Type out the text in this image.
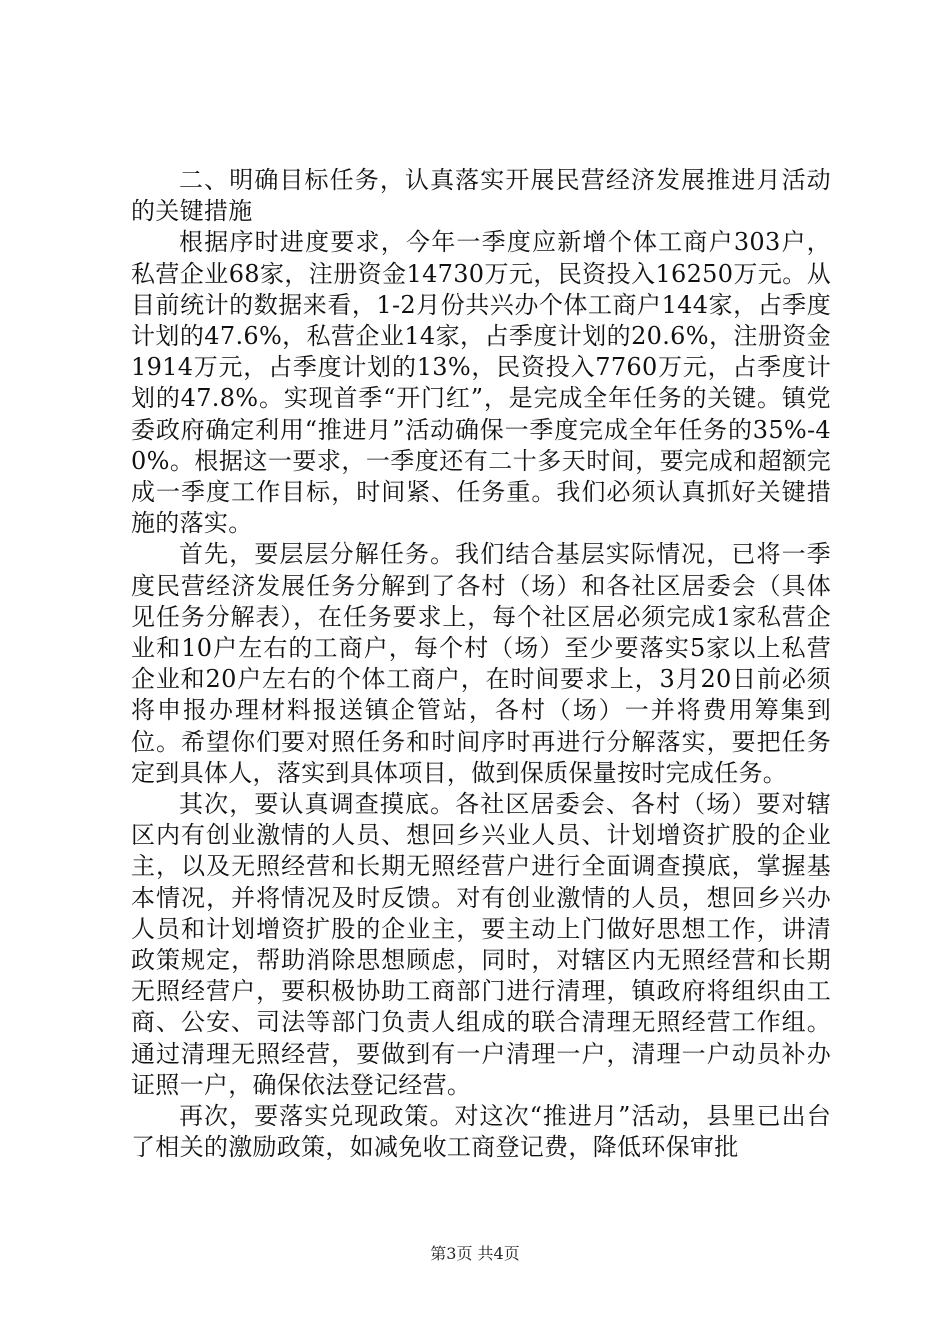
二、明确目标任务，认真落实开展民营经济发展推进月活动的关键措施

根据序时进度要求，今年一季度应新增个体工商户303户，私营企业68家，注册资金14730万元，民资投入16250万元。从目前统计的数据来看，1-2月份共兴办个体工商户144家，占季度计划的47.6%，私营企业14家，占季度计划的20.6%，注册资金1914万元，占季度计划的13%，民资投入7760万元，占季度计划的47.8%。实现首季“开门红”，是完成全年任务的关键。镇党委政府确定利用“推进月”活动确保一季度完成全年任务的35%-40%。根据这一要求，一季度还有二十多天时间，要完成和超额完成一季度工作目标，时间紧、任务重。我们必须认真抓好关键措施的落实。

首先，要层层分解任务。我们结合基层实际情况，已将一季度民营经济发展任务分解到了各村（场）和各社区居委会（具体见任务分解表），在任务要求上，每个社区居必须完成1家私营企业和10户左右的工商户，每个村（场）至少要落实5家以上私营企业和20户左右的个体工商户，在时间要求上，3月20日前必须将申报办理材料报送镇企管站，各村（场）一并将费用筹集到位。希望你们要对照任务和时间序时再进行分解落实，要把任务定到具体人，落实到具体项目，做到保质保量按时完成任务。

其次，要认真调查摸底。各社区居委会、各村（场）要对辖区内有创业激情的人员、想回乡兴业人员、计划增资扩股的企业主，以及无照经营和长期无照经营户进行全面调查摸底，掌握基本情况，并将情况及时反馈。对有创业激情的人员，想回乡兴办人员和计划增资扩股的企业主，要主动上门做好思想工作，讲清政策规定，帮助消除思想顾虑，同时，对辖区内无照经营和长期无照经营户，要积极协助工商部门进行清理，镇政府将组织由工商、公安、司法等部门负责人组成的联合清理无照经营工作组。通过清理无照经营，要做到有一户清理一户，清理一户动员补办证照一户，确保依法登记经营。

再次，要落实兑现政策。对这次“推进月”活动，县里已出台了相关的激励政策，如减免收工商登记费，降低环保审批

第3页 共4页
